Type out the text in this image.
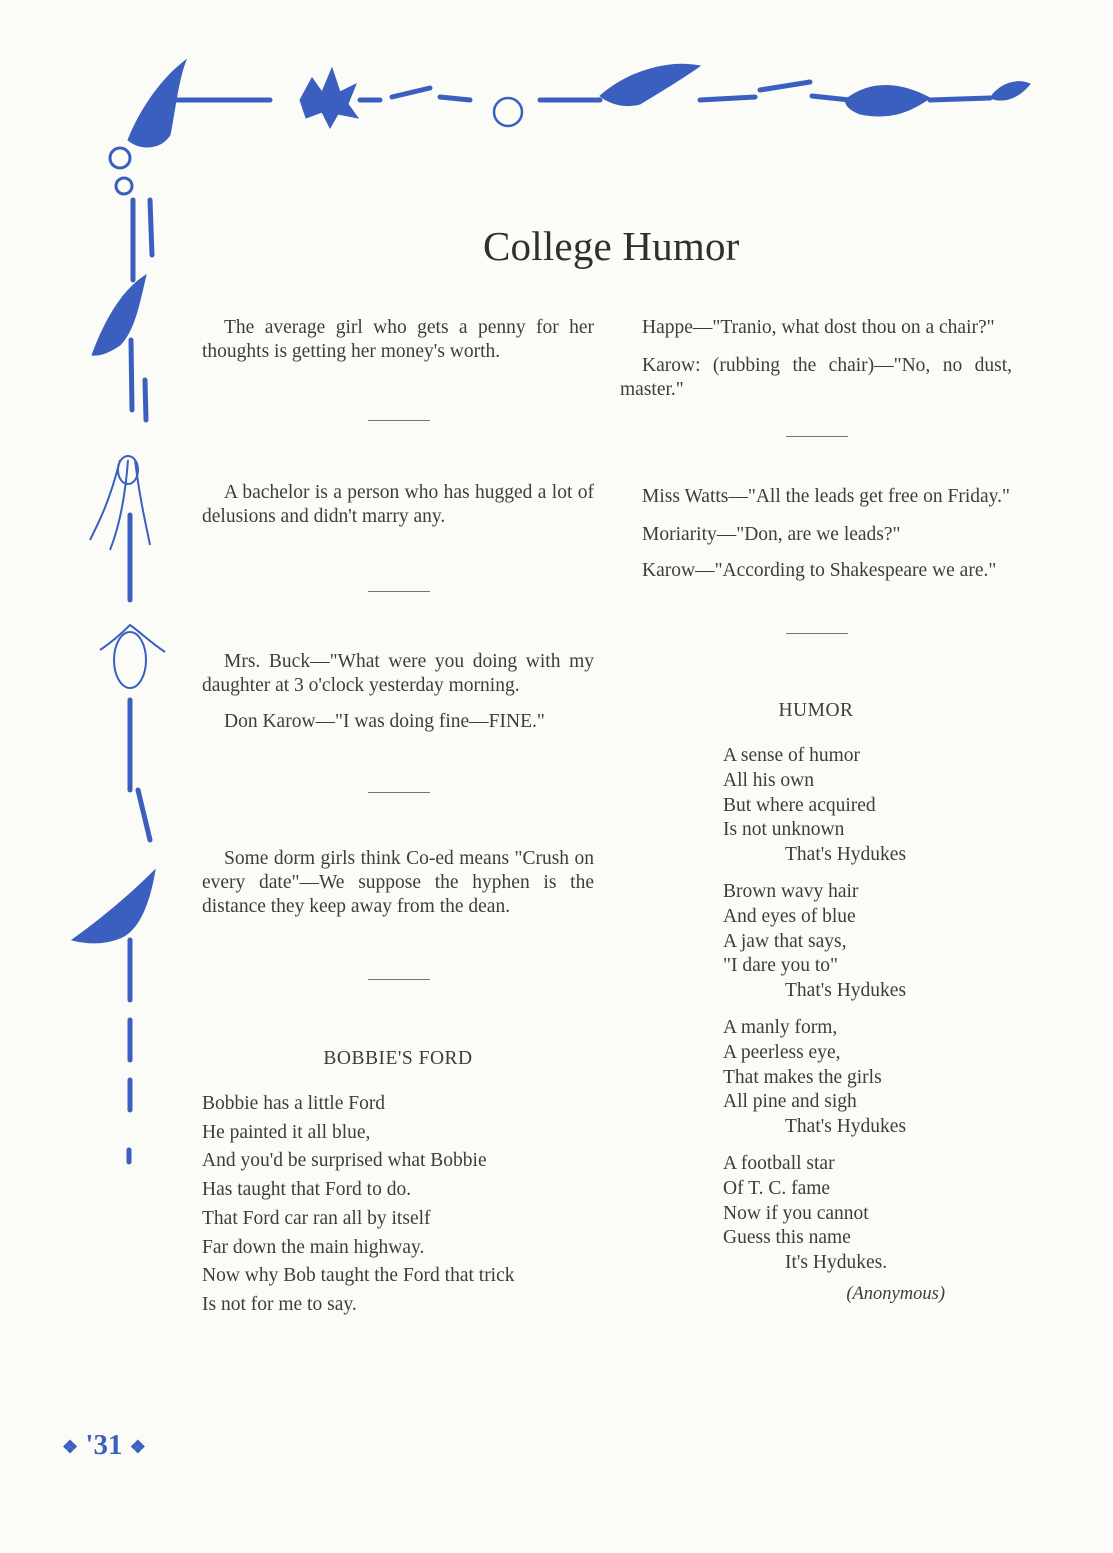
College Humor

The average girl who gets a penny for her thoughts is getting her money's worth.

A bachelor is a person who has hugged a lot of delusions and didn't marry any.

Mrs. Buck—"What were you doing with my daughter at 3 o'clock yesterday morning.

Don Karow—"I was doing fine—FINE."

Some dorm girls think Co-ed means "Crush on every date"—We suppose the hyphen is the distance they keep away from the dean.

BOBBIE'S FORD

Bobbie has a little Ford
He painted it all blue,
And you'd be surprised what Bobbie
Has taught that Ford to do.
That Ford car ran all by itself
Far down the main highway.
Now why Bob taught the Ford that trick
Is not for me to say.

Happe—"Tranio, what dost thou on a chair?"

Karow: (rubbing the chair)—"No, no dust, master."

Miss Watts—"All the leads get free on Friday."

Moriarity—"Don, are we leads?"

Karow—"According to Shakespeare we are."

HUMOR

A sense of humor
All his own
But where acquired
Is not unknown
That's Hydukes
Brown wavy hair
And eyes of blue
A jaw that says,
"I dare you to"
That's Hydukes
A manly form,
A peerless eye,
That makes the girls
All pine and sigh
That's Hydukes
A football star
Of T. C. fame
Now if you cannot
Guess this name
It's Hydukes.

(Anonymous)

❖ '31 ❖
